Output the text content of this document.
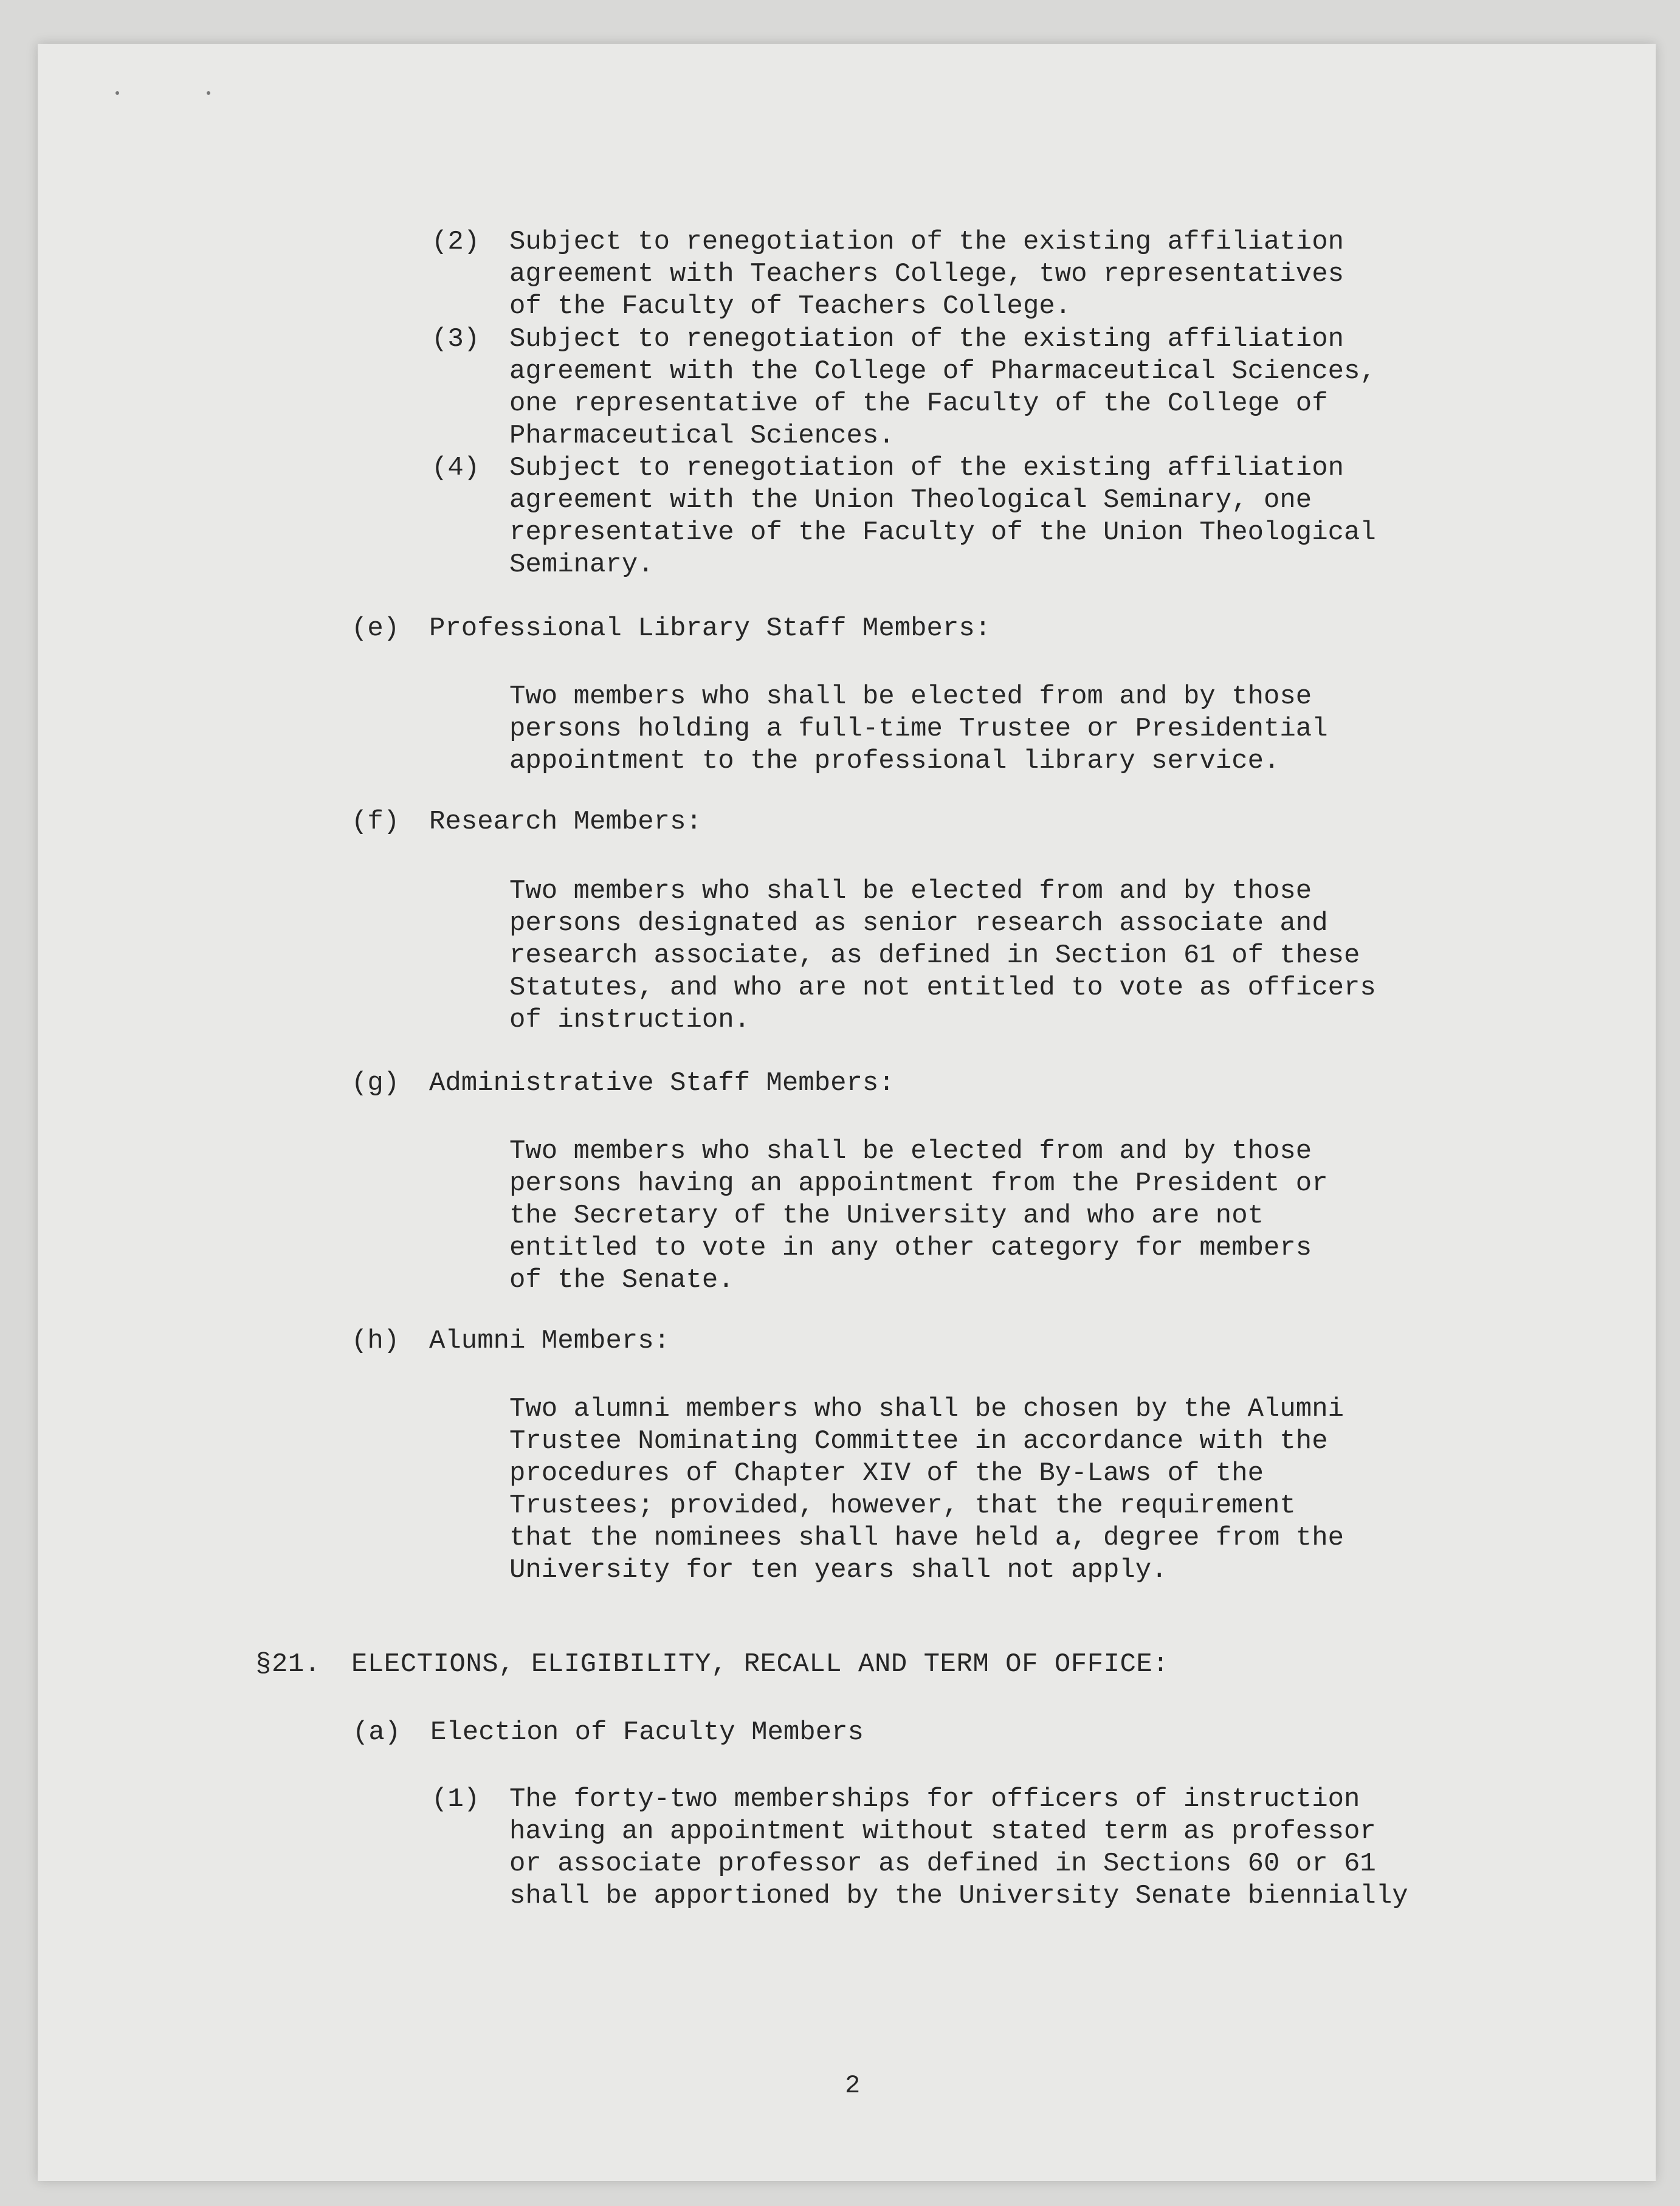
(2) Subject to renegotiation of the existing affiliation
agreement with Teachers College, two representatives
of the Faculty of Teachers College.
(3) Subject to renegotiation of the existing affiliation
agreement with the College of Pharmaceutical Sciences,
one representative of the Faculty of the College of
Pharmaceutical Sciences.
(4) Subject to renegotiation of the existing affiliation
agreement with the Union Theological Seminary, one
representative of the Faculty of the Union Theological
Seminary.
(e) Professional Library Staff Members:
Two members who shall be elected from and by those
persons holding a full-time Trustee or Presidential
appointment to the professional library service.
(f) Research Members:
Two members who shall be elected from and by those
persons designated as senior research associate and
research associate, as defined in Section 61 of these
Statutes, and who are not entitled to vote as officers
of instruction.
(g) Administrative Staff Members:
Two members who shall be elected from and by those
persons having an appointment from the President or
the Secretary of the University and who are not
entitled to vote in any other category for members
of the Senate.
(h) Alumni Members:
Two alumni members who shall be chosen by the Alumni
Trustee Nominating Committee in accordance with the
procedures of Chapter XIV of the By-Laws of the
Trustees; provided, however, that the requirement
that the nominees shall have held a, degree from the
University for ten years shall not apply.
§21. ELECTIONS, ELIGIBILITY, RECALL AND TERM OF OFFICE:
(a) Election of Faculty Members
(1) The forty-two memberships for officers of instruction
having an appointment without stated term as professor
or associate professor as defined in Sections 60 or 61
shall be apportioned by the University Senate biennially
2
